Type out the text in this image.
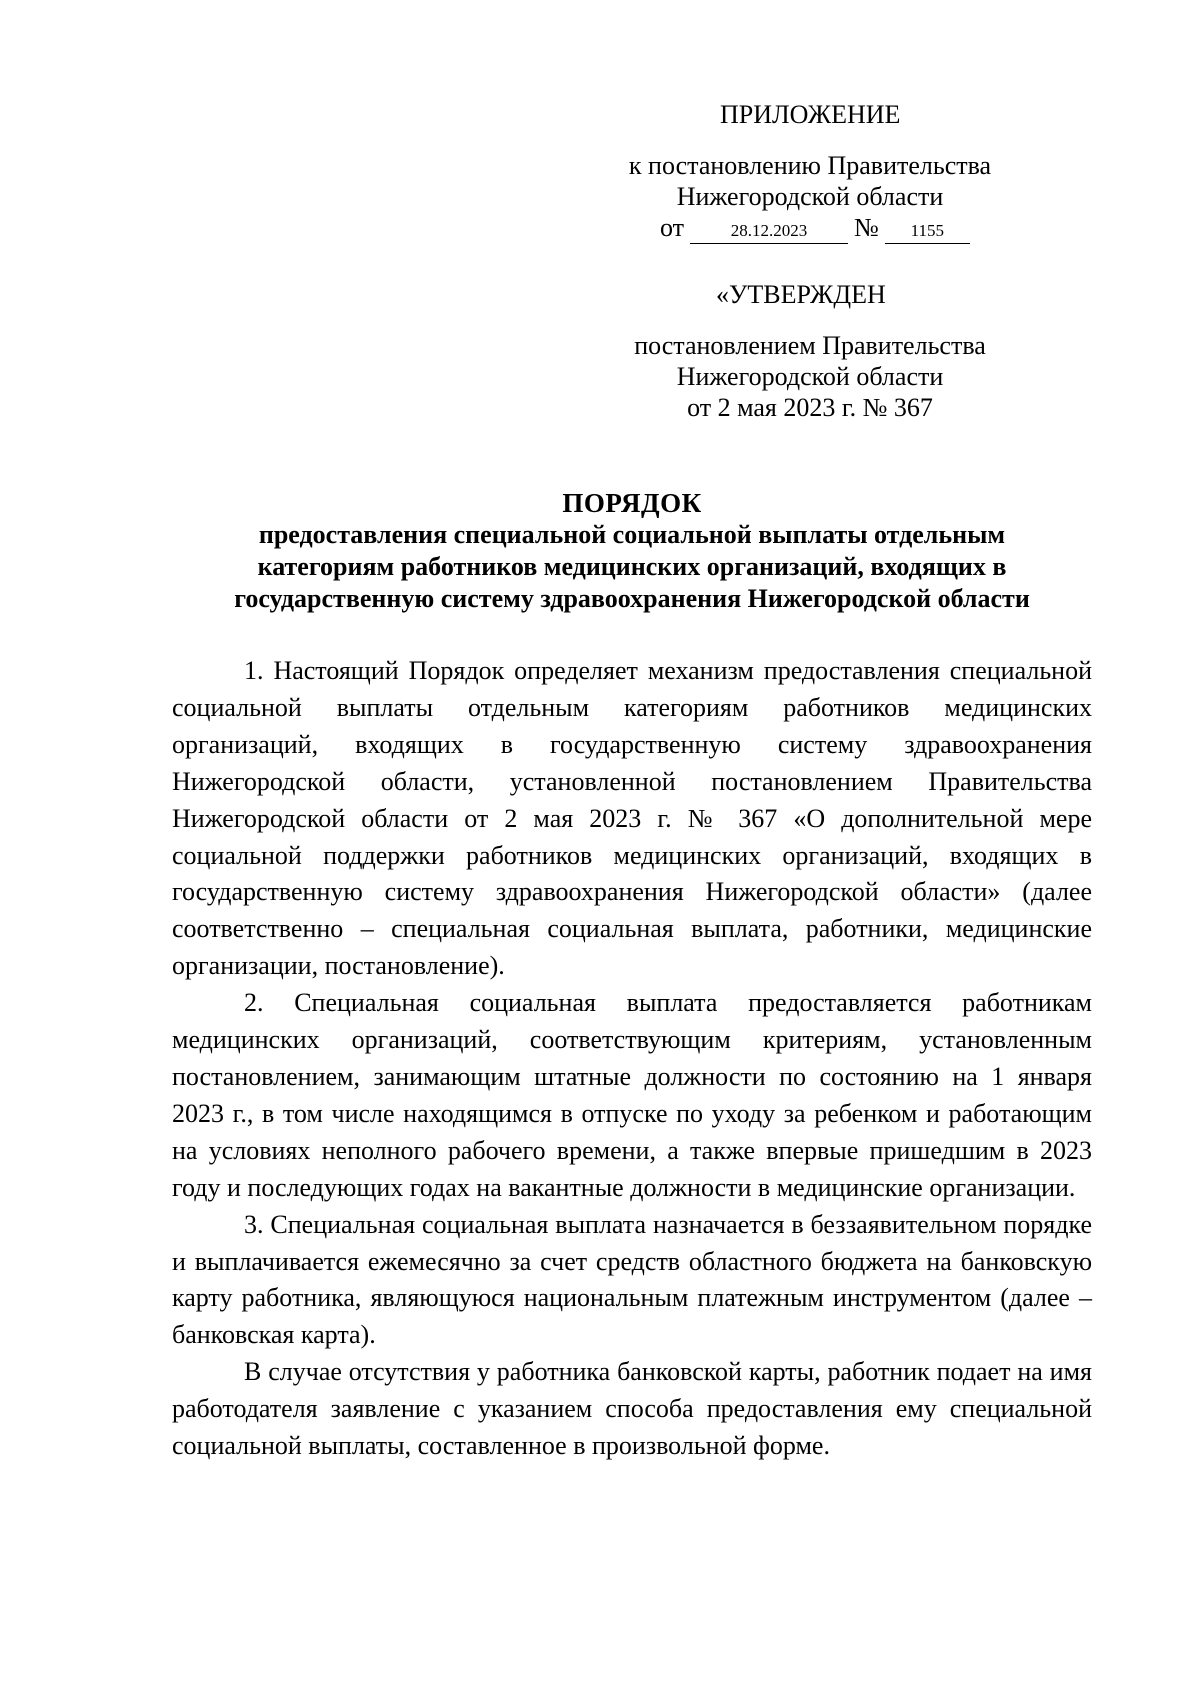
ПРИЛОЖЕНИЕ
к постановлению Правительства
Нижегородской области
от	28.12.2023 № 1155
«УТВЕРЖДЕН
постановлением Правительства
Нижегородской области
от 2 мая 2023 г. № 367
ПОРЯДОК
предоставления специальной социальной выплаты отдельным
категориям работников медицинских организаций, входящих в
государственную систему здравоохранения Нижегородской области

1. Настоящий Порядок определяет механизм предоставления специальной социальной выплаты отдельным категориям работников медицинских организаций, входящих в государственную систему здравоохранения Нижегородской области, установленной постановлением Правительства Нижегородской области от 2 мая 2023 г. № 367 «О дополнительной мере социальной поддержки работников медицинских организаций, входящих в государственную систему здравоохранения Нижегородской области» (далее соответственно – специальная социальная выплата, работники, медицинские организации, постановление).

2. Специальная социальная выплата предоставляется работникам медицинских организаций, соответствующим критериям, установленным постановлением, занимающим штатные должности по состоянию на 1 января 2023 г., в том числе находящимся в отпуске по уходу за ребенком и работающим на условиях неполного рабочего времени, а также впервые пришедшим в 2023 году и последующих годах на вакантные должности в медицинские организации.

3. Специальная социальная выплата назначается в беззаявительном порядке и выплачивается ежемесячно за счет средств областного бюджета на банковскую карту работника, являющуюся национальным платежным инструментом (далее – банковская карта).

В случае отсутствия у работника банковской карты, работник подает на имя работодателя заявление с указанием способа предоставления ему специальной социальной выплаты, составленное в произвольной форме.
